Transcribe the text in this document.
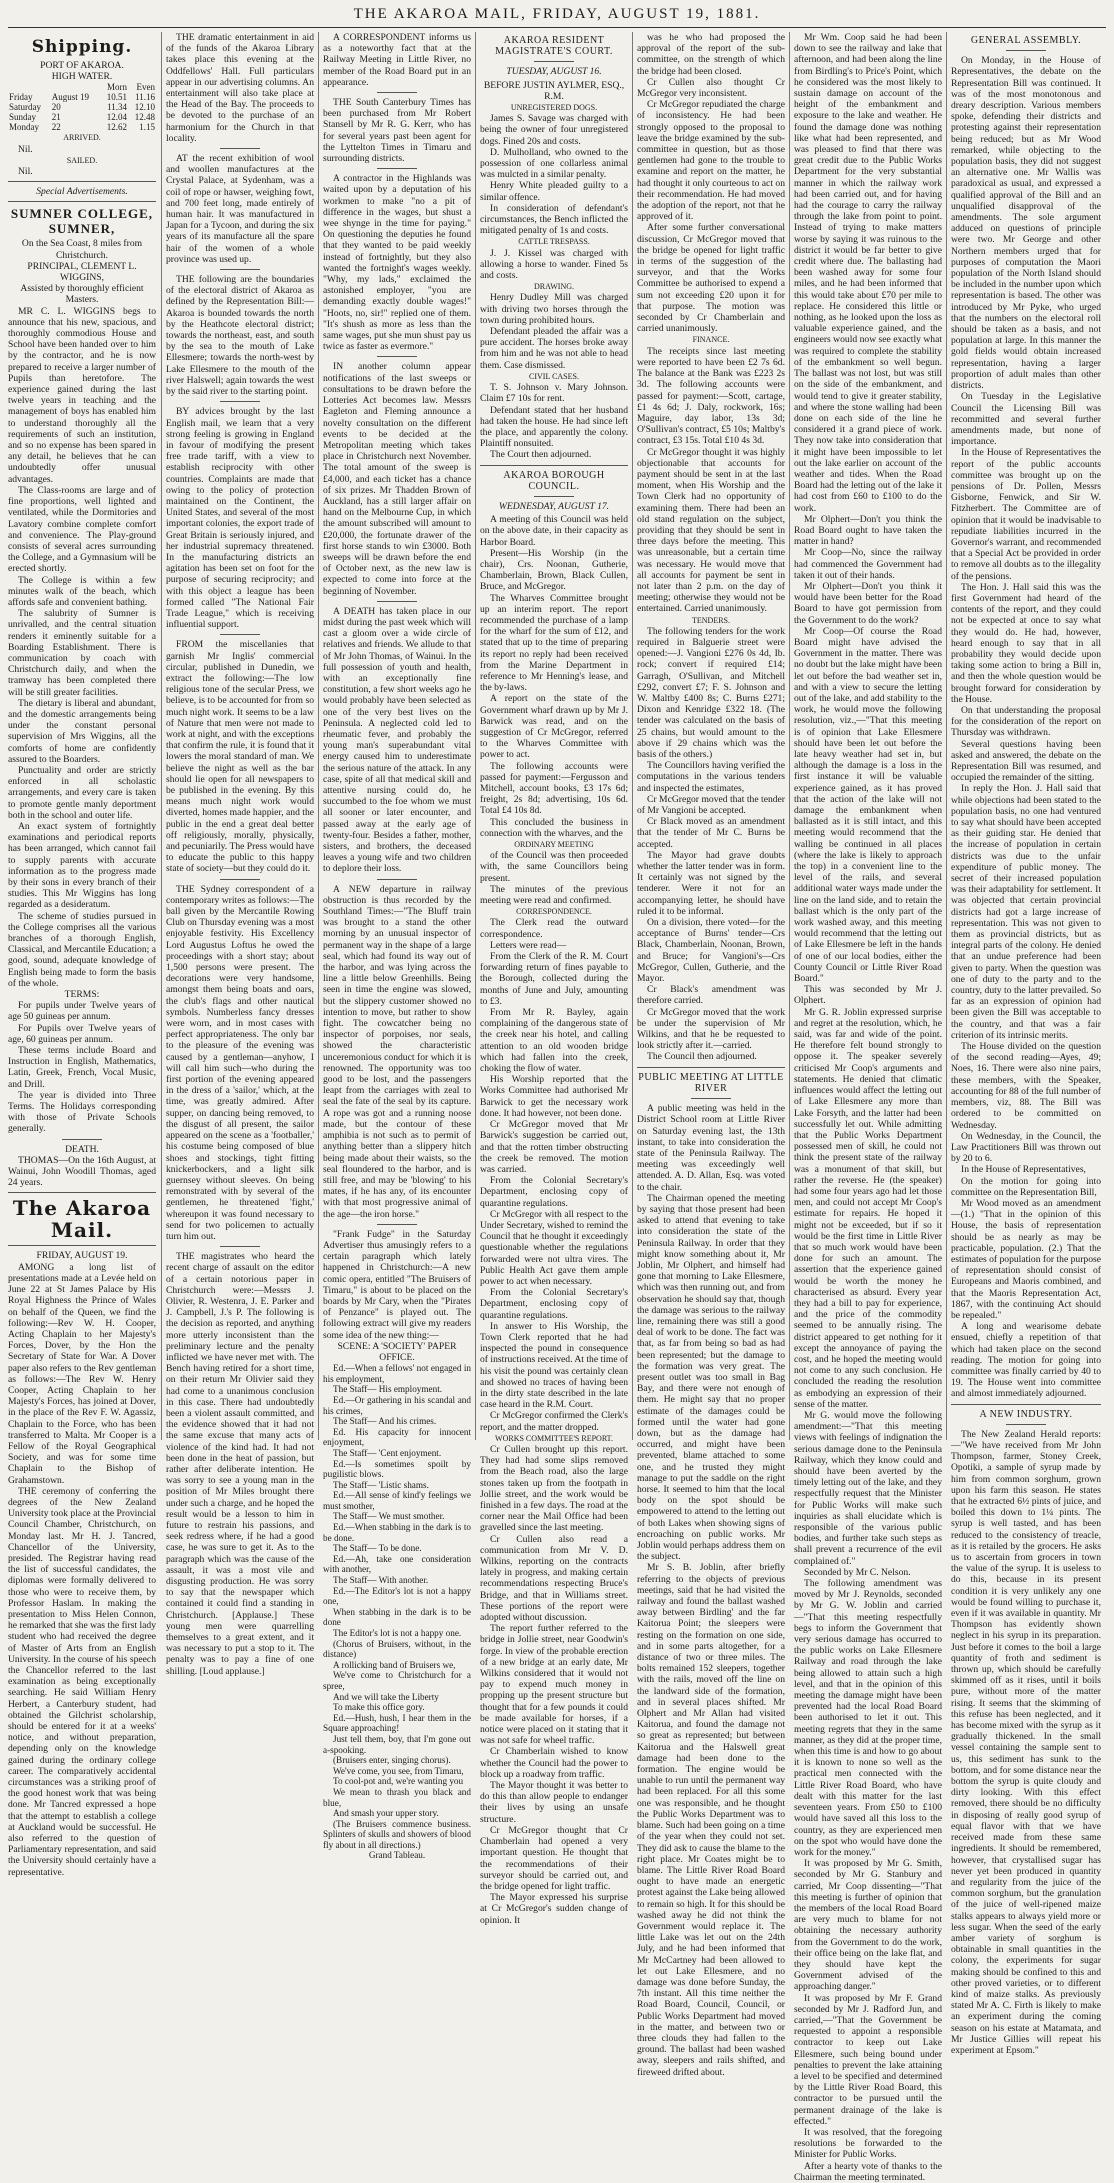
THE AKAROA MAIL, FRIDAY, AUGUST 19, 1881.
Shipping.

PORT OF AKAROA.

HIGH WATER.

		Morn	Even
Friday	August 19	10.51	11.16
Saturday	20	11.34	12.10
Sunday	21	12.04	12.48
Monday	22	12.62	1.15

ARRIVED.

Nil.

SAILED.

Nil.

Special Advertisements.

SUMNER COLLEGE, SUMNER,

On the Sea Coast, 8 miles from Christchurch.

PRINCIPAL, CLEMENT L. WIGGINS,

Assisted by thoroughly efficient Masters.

MR C. L. WIGGINS begs to announce that his new, spacious, and thoroughly commodious House and School have been handed over to him by the contractor, and he is now prepared to receive a larger number of Pupils than heretofore. The experience gained during the last twelve years in teaching and the management of boys has enabled him to understand thoroughly all the requirements of such an institution, and so no expense has been spared in any detail, he believes that he can undoubtedly offer unusual advantages.

The Class-rooms are large and of fine proportions, well lighted and ventilated, while the Dormitories and Lavatory combine complete comfort and convenience. The Play-ground consists of several acres surrounding the College, and a Gymnasium will be erected shortly.

The College is within a few minutes walk of the beach, which affords safe and convenient bathing.

The salubrity of Sumner is unrivalled, and the central situation renders it eminently suitable for a Boarding Establishment. There is communication by coach with Christchurch daily, and when the tramway has been completed there will be still greater facilities.

The dietary is liberal and abundant, and the domestic arrangements being under the constant personal supervision of Mrs Wiggins, all the comforts of home are confidently assured to the Boarders.

Punctuality and order are strictly enforced in all scholastic arrangements, and every care is taken to promote gentle manly deportment both in the school and outer life.

An exact system of fortnightly examinations and periodical reports has been arranged, which cannot fail to supply parents with accurate information as to the progress made by their sons in every branch of their studies. This Mr Wiggins has long regarded as a desideratum.

The scheme of studies pursued in the College comprises all the various branches of a thorough English, Classical, and Mercantile Education; a good, sound, adequate knowledge of English being made to form the basis of the whole.

TERMS:

For pupils under Twelve years of age 50 guineas per annum.

For Pupils over Twelve years of age, 60 guineas per annum.

These terms include Board and Instruction in English, Mathematics, Latin, Greek, French, Vocal Music, and Drill.

The year is divided into Three Terms. The Holidays corresponding with those of Private Schools generally.

DEATH.

THOMAS—On the 16th August, at Wainui, John Woodill Thomas, aged 24 years.

The Akaroa Mail.

FRIDAY, AUGUST 19.

AMONG a long list of presentations made at a Levée held on June 22 at St James Palace by His Royal Highness the Prince of Wales on behalf of the Queen, we find the following:—Rev W. H. Cooper, Acting Chaplain to her Majesty's Forces, Dover, by the Hon the Secretary of State for War. A Dover paper also refers to the Rev gentleman as follows:—The Rev W. Henry Cooper, Acting Chaplain to her Majesty's Forces, has joined at Dover, in the place of the Rev F. W. Agassiz, Chaplain to the Force, who has been transferred to Malta. Mr Cooper is a Fellow of the Royal Geographical Society, and was for some time Chaplain to the Bishop of Grahamstown.

THE ceremony of conferring the degrees of the New Zealand University took place at the Provincial Council Chamber, Christchurch, on Monday last. Mr H. J. Tancred, Chancellor of the University, presided. The Registrar having read the list of successful candidates, the diplomas were formally delivered to those who were to receive them, by Professor Haslam. In making the presentation to Miss Helen Connon, he remarked that she was the first lady student who had received the degree of Master of Arts from an English University. In the course of his speech the Chancellor referred to the last examination as being exceptionally searching. He said William Henry Herbert, a Canterbury student, had obtained the Gilchrist scholarship, should be entered for it at a weeks' notice, and without preparation, depending only on the knowledge gained during the ordinary college career. The comparatively accidental circumstances was a striking proof of the good honest work that was being done. Mr Tancred expressed a hope that the attempt to establish a college at Auckland would be successful. He also referred to the question of Parliamentary representation, and said the University should certainly have a representative.

THE dramatic entertainment in aid of the funds of the Akaroa Library takes place this evening at the Oddfellows' Hall. Full particulars appear in our advertising columns. An entertainment will also take place at the Head of the Bay. The proceeds to be devoted to the purchase of an harmonium for the Church in that locality.

AT the recent exhibition of wool and woollen manufactures at the Crystal Palace, at Sydenham, was a coil of rope or hawser, weighing fowt, and 700 feet long, made entirely of human hair. It was manufactured in Japan for a Tycoon, and during the six years of its manufacture all the spare hair of the women of a whole province was used up.

THE following are the boundaries of the electoral district of Akaroa as defined by the Representation Bill:—Akaroa is bounded towards the north by the Heathcote electoral district; towards the northeast, east, and south by the sea to the mouth of Lake Ellesmere; towards the north-west by Lake Ellesmere to the mouth of the river Halswell; again towards the west by the said river to the starting point.

BY advices brought by the last English mail, we learn that a very strong feeling is growing in England in favour of modifying the present free trade tariff, with a view to establish reciprocity with other countries. Complaints are made that owing to the policy of protection maintained on the Continent, the United States, and several of the most important colonies, the export trade of Great Britain is seriously injured, and her industrial supremacy threatened. In the manufacturing districts an agitation has been set on foot for the purpose of securing reciprocity; and with this object a league has been formed called "The National Fair Trade League," which is receiving influential support.

FROM the miscellanies that garnish Mr Inglis' commercial circular, published in Dunedin, we extract the following:—The low religious tone of the secular Press, we believe, is to be accounted for from so much night work. It seems to be a law of Nature that men were not made to work at night, and with the exceptions that confirm the rule, it is found that it lowers the moral standard of man. We believe the night as well as the bar should lie open for all newspapers to be published in the evening. By this means much night work would diverted, homes made happier, and the public in the end a great deal better off religiously, morally, physically, and pecuniarily. The Press would have to educate the public to this happy state of society—but they could do it.

THE Sydney correspondent of a contemporary writes as follows:—The ball given by the Mercantile Rowing Club on Thursday evening was a most enjoyable festivity. His Excellency Lord Augustus Loftus he owed the proceedings with a short stay; about 1,500 persons were present. The decorations were very handsome, amongst them being boats and oars, the club's flags and other nautical symbols. Numberless fancy dresses were worn, and in most cases with perfect appropriateness. The only bar to the pleasure of the evening was caused by a gentleman—anyhow, I will call him such—who during the first portion of the evening appeared in the dress of a 'sailor,' which, at the time, was greatly admired. After supper, on dancing being removed, to the disgust of all present, the sailor appeared on the scene as a 'footballer,' his costume being composed of blue shoes and stockings, tight fitting knickerbockers, and a light silk guernsey without sleeves. On being remonstrated with by several of the gentlemen, he threatened 'fight,' whereupon it was found necessary to send for two policemen to actually turn him out.

THE magistrates who heard the recent charge of assault on the editor of a certain notorious paper in Christchurch were:—Messrs J. Olivier, R. Westenra, J. E. Parker and J. Campbell, J.'s P. The following is the decision as reported, and anything more utterly inconsistent than the preliminary lecture and the penalty inflicted we have never met with. The Bench having retired for a short time, on their return Mr Olivier said they had come to a unanimous conclusion in this case. There had undoubtedly been a violent assault committed, and the evidence showed that it had not the same excuse that many acts of violence of the kind had. It had not been done in the heat of passion, but rather after deliberate intention. He was sorry to see a young man in the position of Mr Miles brought there under such a charge, and he hoped the result would be a lesson to him in future to restrain his passions, and seek redress where, if he had a good case, he was sure to get it. As to the paragraph which was the cause of the assault, it was a most vile and disgusting production. He was sorry to say that the newspaper which contained it could find a standing in Christchurch. [Applause.] These young men were quarrelling themselves to a great extent, and it was necessary to put a stop to it. The penalty was to pay a fine of one shilling. [Loud applause.]

A CORRESPONDENT informs us as a noteworthy fact that at the Railway Meeting in Little River, no member of the Road Board put in an appearance.

THE South Canterbury Times has been purchased from Mr Robert Stansell by Mr R. G. Kerr, who has for several years past been agent for the Lyttelton Times in Timaru and surrounding districts.

A contractor in the Highlands was waited upon by a deputation of his workmen to make "no a pit of difference in the wages, but shust a wee shynge in the time for paying." On questioning the deputies he found that they wanted to be paid weekly instead of fortnightly, but they also wanted the fortnight's wages weekly. "Why, my lads," exclaimed the astonished employer, "you are demanding exactly double wages!" "Hoots, no, sir!" replied one of them. "It's shush as more as less than the same wages, put she mun shust pay us twice as faster as evermore."

IN another column appear notifications of the last sweeps or consultations to be drawn before the Lotteries Act becomes law. Messrs Eagleton and Fleming announce a novelty consultation on the different events to be decided at the Metropolitan meeting which takes place in Christchurch next November. The total amount of the sweep is £4,000, and each ticket has a chance of six prizes. Mr Thadden Brown of Auckland, has a still larger affair on hand on the Melbourne Cup, in which the amount subscribed will amount to £20,000, the fortunate drawer of the first horse stands to win £3000. Both sweeps will be drawn before the end of October next, as the new law is expected to come into force at the beginning of November.

A DEATH has taken place in our midst during the past week which will cast a gloom over a wide circle of relatives and friends. We allude to that of Mr John Thomas, of Wainui. In the full possession of youth and health, with an exceptionally fine constitution, a few short weeks ago he would probably have been selected as one of the very best lives on the Peninsula. A neglected cold led to rheumatic fever, and probably the young man's superabundant vital energy caused him to underestimate the serious nature of the attack. In any case, spite of all that medical skill and attentive nursing could do, he succumbed to the foe whom we must all sooner or later encounter, and passed away at the early age of twenty-four. Besides a father, mother, sisters, and brothers, the deceased leaves a young wife and two children to deplore their loss.

A NEW departure in railway obstruction is thus recorded by the Southland Times:—"The Bluff train was brought to a stand the other morning by an unusual inspector of permanent way in the shape of a large seal, which had found its way out of the harbor, and was lying across the line a little below Greenhills. Being seen in time the engine was slowed, but the slippery customer showed no intention to move, but rather to show fight. The cowcatcher being no inspector of porpoises, nor seals, showed the characteristic unceremonious conduct for which it is renowned. The opportunity was too good to be lost, and the passengers leapt from the carriages with zeal to seal the fate of the seal by its capture. A rope was got and a running noose made, but the contour of these amphibia is not such as to permit of anything better than a slippery hitch being made about their waists, so the seal floundered to the harbor, and is still free, and may be 'blowing' to his mates, if he has any, of its encounter with that most progressive animal of the age—the iron horse."

"Frank Fudge" in the Saturday Advertiser thus amusingly refers to a certain paragraph which lately happened in Christchurch:—A new comic opera, entitled "The Bruisers of Timaru," is about to be placed on the boards by Mr Cary, when the "Pirates of Penzance" is played out. The following extract will give my readers some idea of the new thing:—

SCENE: A 'SOCIETY' PAPER OFFICE.

Ed.—When a fellows' not engaged in his employment,

The Staff— His employment.

Ed.—Or gathering in his scandal and his crimes,

The Staff— And his crimes.

Ed. His capacity for innocent enjoyment,

The Staff— 'Cent enjoyment.

Ed.—Is sometimes spoilt by pugilistic blows.

The Staff— 'Listic shams.

Ed.—All sense of kind'y feelings we must smother,

The Staff— We must smother.

Ed.—When stabbing in the dark is to be done.

The Staff— To be done.

Ed.—Ah, take one consideration with another,

The Staff— With another.

Ed.—The Editor's lot is not a happy one,

When stabbing in the dark is to be done

The Editor's lot is not a happy one.

(Chorus of Bruisers, without, in the distance)

A rollicking band of Bruisers we,

We've come to Christchurch for a spree,

And we will take the Liberty

To make this office gory.

Ed.—Hush, hush, I hear them in the Square approaching!

Just tell them, boy, that I'm gone out a-spooking.

(Bruisers enter, singing chorus).

We've come, you see, from Timaru,

To cool-pot and, we're wanting you

We mean to thrash you black and blue,

And smash your upper story.

(The Bruisers commence business. Splinters of skulls and showers of blood fly about in all directions.)

Grand Tableau.

AKAROA RESIDENT MAGISTRATE'S COURT.

TUESDAY, AUGUST 16.

BEFORE JUSTIN AYLMER, ESQ., R.M.

UNREGISTERED DOGS.

James S. Savage was charged with being the owner of four unregistered dogs. Fined 20s and costs.

D. Mulholland, who owned to the possession of one collarless animal was mulcted in a similar penalty.

Henry White pleaded guilty to a similar offence.

In consideration of defendant's circumstances, the Bench inflicted the mitigated penalty of 1s and costs.

CATTLE TRESPASS.

J. J. Kissel was charged with allowing a horse to wander. Fined 5s and costs.

DRAWING.

Henry Dudley Mill was charged with driving two horses through the town during prohibited hours.

Defendant pleaded the affair was a pure accident. The horses broke away from him and he was not able to head them. Case dismissed.

CIVIL CASES.

T. S. Johnson v. Mary Johnson. Claim £7 10s for rent.

Defendant stated that her husband had taken the house. He had since left the place, and apparently the colony. Plaintiff nonsuited.

The Court then adjourned.

AKAROA BOROUGH COUNCIL.

WEDNESDAY, AUGUST 17.

A meeting of this Council was held on the above date, in their capacity as Harbor Board.

Present—His Worship (in the chair), Crs. Noonan, Gutherie, Chamberlain, Brown, Black Cullen, Bruce, and McGregor.

The Wharves Committee brought up an interim report. The report recommended the purchase of a lamp for the wharf for the sum of £12, and stated that up to the time of preparing its report no reply had been received from the Marine Department in reference to Mr Henning's lease, and the by-laws.

A report on the state of the Government wharf drawn up by Mr J. Barwick was read, and on the suggestion of Cr McGregor, referred to the Wharves Committee with power to act.

The following accounts were passed for payment:—Fergusson and Mitchell, account books, £3 17s 6d; freight, 2s 8d; advertising, 10s 6d. Total £4 10s 8d.

This concluded the business in connection with the wharves, and the

ORDINARY MEETING

of the Council was then proceeded with, the same Councillors being present.

The minutes of the previous meeting were read and confirmed.

CORRESPONDENCE.

The Clerk read the outward correspondence.

Letters were read—

From the Clerk of the R. M. Court forwarding return of fines payable to the Borough, collected during the months of June and July, amounting to £3.

From Mr R. Bayley, again complaining of the dangerous state of the creek near his hotel, and calling attention to an old wooden bridge which had fallen into the creek, choking the flow of water.

His Worship reported that the Works Committee had authorised Mr Barwick to get the necessary work done. It had however, not been done.

Cr McGregor moved that Mr Barwick's suggestion be carried out, and that the rotten timber obstructing the creek be removed. The motion was carried.

From the Colonial Secretary's Department, enclosing copy of quarantine regulations.

Cr McGregor with all respect to the Under Secretary, wished to remind the Council that he thought it exceedingly questionable whether the regulations forwarded were not ultra vires. The Public Health Act gave them ample power to act when necessary.

From the Colonial Secretary's Department, enclosing copy of quarantine regulations.

In answer to His Worship, the Town Clerk reported that he had inspected the pound in consequence of instructions received. At the time of his visit the pound was certainly clean and showed no traces of having been in the dirty state described in the late case heard in the R.M. Court.

Cr McGregor confirmed the Clerk's report, and the matter dropped.

WORKS COMMITTEE'S REPORT.

Cr Cullen brought up this report. They had had some slips removed from the Beach road, also the large stones taken up from the footpath in Jollie street, and the work would be finished in a few days. The road at the corner near the Mail Office had been gravelled since the last meeting.

Cr Cullen also read a communication from Mr V. D. Wilkins, reporting on the contracts lately in progress, and making certain recommendations respecting Bruce's Bridge, and that in Williams street. These portions of the report were adopted without discussion.

The report further referred to the bridge in Jollie street, near Goodwin's forge. In view of the probable erection of a new bridge at an early date, Mr Wilkins considered that it would not pay to expend much money in propping up the present structure but thought that for a few pounds it could be made available for horses, if a notice were placed on it stating that it was not safe for wheel traffic.

Cr Chamberlain wished to know whether the Council had the power to block up a roadway from traffic.

The Mayor thought it was better to do this than allow people to endanger their lives by using an unsafe structure.

Cr McGregor thought that Cr Chamberlain had opened a very important question. He thought that the recommendations of their surveyor should be carried out, and the bridge opened for light traffic.

The Mayor expressed his surprise at Cr McGregor's sudden change of opinion. It

was he who had proposed the approval of the report of the sub-committee, on the strength of which the bridge had been closed.

Cr Cullen also thought Cr McGregor very inconsistent.

Cr McGregor repudiated the charge of inconsistency. He had been strongly opposed to the proposal to leave the bridge examined by the sub-committee in question, but as those gentlemen had gone to the trouble to examine and report on the matter, he had thought it only courteous to act on their recommendation. He had moved the adoption of the report, not that he approved of it.

After some further conversational discussion, Cr McGregor moved that the bridge be opened for light traffic in terms of the suggestion of the surveyor, and that the Works Committee be authorised to expend a sum not exceeding £20 upon it for that purpose. The motion was seconded by Cr Chamberlain and carried unanimously.

FINANCE.

The receipts since last meeting were reported to have been £2 7s 6d. The balance at the Bank was £223 2s 3d. The following accounts were passed for payment:—Scott, cartage, £1 4s 6d; J. Daly, rockwork, 16s; Maguire, day labor, 13s 3d; O'Sullivan's contract, £5 10s; Maltby's contract, £3 15s. Total £10 4s 3d.

Cr McGregor thought it was highly objectionable that accounts for payment should be sent in at the last moment, when His Worship and the Town Clerk had no opportunity of examining them. There had been an old stand regulation on the subject, providing that they should be sent in three days before the meeting. This was unreasonable, but a certain time was necessary. He would move that all accounts for payment be sent in not later than 2 p.m. on the day of meeting; otherwise they would not be entertained. Carried unanimously.

TENDERS.

The following tenders for the work required in Balguerie street were opened:—J. Vangioni £276 0s 4d, Ib. rock; convert if required £14; Garragh, O'Sullivan, and Mitchell £292, convert £7; F. S. Johnson and W. Maltby £400 8s; C. Burns £271; Dixon and Kenridge £322 18. (The tender was calculated on the basis of 25 chains, but would amount to the above if 29 chains which was the basis of the others.)

The Councillors having verified the computations in the various tenders and inspected the estimates,

Cr McGregor moved that the tender of Mr Vangioni be accepted.

Cr Black moved as an amendment that the tender of Mr C. Burns be accepted.

The Mayor had grave doubts whether the latter tender was in form. It certainly was not signed by the tenderer. Were it not for an accompanying letter, he should have ruled it to be informal.

On a division, there voted—for the acceptance of Burns' tender—Crs Black, Chamberlain, Noonan, Brown, and Bruce; for Vangioni's—Crs McGregor, Cullen, Gutherie, and the Mayor.

Cr Black's amendment was therefore carried.

Cr McGregor moved that the work be under the supervision of Mr Wilkins, and that he be requested to look strictly after it.—carried.

The Council then adjourned.

PUBLIC MEETING AT LITTLE RIVER

A public meeting was held in the District School room at Little River on Saturday evening last, the 13th instant, to take into consideration the state of the Peninsula Railway. The meeting was exceedingly well attended. A. D. Allan, Esq. was voted to the chair.

The Chairman opened the meeting by saying that those present had been asked to attend that evening to take into consideration the state of the Peninsula Railway. In order that they might know something about it, Mr Joblin, Mr Olphert, and himself had gone that morning to Lake Ellesmere, which was then running out, and from observation he should say that, though the damage was serious to the railway line, remaining there was still a good deal of work to be done. The fact was that, as far from being so bad as had been represented; but the damage to the formation was very great. The present outlet was too small in Bag Bay, and there were not enough of them. He might say that no proper estimate of the damages could be formed until the water had gone down, but as the damage had occurred, and might have been prevented, blame attached to some one, and he trusted they might manage to put the saddle on the right horse. It seemed to him that the local body on the spot should be empowered to attend to the letting out of both Lakes when showing signs of encroaching on public works. Mr Joblin would perhaps address them on the subject.

Mr S. B. Joblin, after briefly referring to the objects of previous meetings, said that he had visited the railway and found the ballast washed away between Birdling' and the far Kaitorua Point; the sleepers were resting on the formation on one side, and in some parts altogether, for a distance of two or three miles. The bolts remained 152 sleepers, together with the rails, moved off the line on the landward side of the formation, and in several places shifted. Mr Olphert and Mr Allan had visited Kaitorua, and found the damage not so great as represented; but between Kaitorua and the Halswell great damage had been done to the formation. The engine would be unable to run until the permanent way had been replaced. For all this some one was responsible, and he thought the Public Works Department was to blame. Such had been going on a time of the year when they could not set. They did ask to cause the blame to the right place. Mr Coates might be to blame. The Little River Road Board ought to have made an energetic protest against the Lake being allowed to remain so high. It for this should be washed away he did not think the Government would replace it. The little Lake was let out on the 24th July, and he had been informed that Mr McCartney had been allowed to let out Lake Ellesmere, and no damage was done before Sunday, the 7th instant. All this time neither the Road Board, Council, Council, or Public Works Department had moved in the matter, and between two or three clouds they had fallen to the ground. The ballast had been washed away, sleepers and rails shifted, and fireweed drifted about.

Mr Wm. Coop said he had been down to see the railway and lake that afternoon, and had been along the line from Birdling's to Price's Point, which he considered was the most likely to sustain damage on account of the height of the embankment and exposure to the lake and weather. He found the damage done was nothing like what had been represented, and was pleased to find that there was great credit due to the Public Works Department for the very substantial manner in which the railway work had been carried out, and for having had the courage to carry the railway through the lake from point to point. Instead of trying to make matters worse by saying it was ruinous to the district it would be far better to give credit where due. The ballasting had been washed away for some four miles, and he had been informed that this would take about £70 per mile to replace. He considered this little or nothing, as he looked upon the loss as valuable experience gained, and the engineers would now see exactly what was required to complete the stability of the embankment so well begun. The ballast was not lost, but was still on the side of the embankment, and would tend to give it greater stability, and where the stone walling had been done on each side of the line he considered it a grand piece of work. They now take into consideration that it might have been impossible to let out the lake earlier on account of the weather and tides. When the Road Board had the letting out of the lake it had cost from £60 to £100 to do the work.

Mr Olphert—Don't you think the Road Board ought to have taken the matter in hand?

Mr Coop—No, since the railway had commenced the Government had taken it out of their hands.

Mr Olphert—Don't you think it would have been better for the Road Board to have got permission from the Government to do the work?

Mr Coop—Of course the Road Board might have advised the Government in the matter. There was no doubt but the lake might have been let out before the bad weather set in, and with a view to secure the letting out of the lake, and add stability to the work, he would move the following resolution, viz.,—"That this meeting is of opinion that Lake Ellesmere should have been let out before the late heavy weather had set in, but although the damage is a loss in the first instance it will be valuable experience gained, as it has proved that the action of the lake will not damage the embankment when ballasted as it is still intact, and this meeting would recommend that the walling be continued in all places (where the lake is likely to approach the top) in a convenient line to the level of the rails, and several additional water ways made under the line on the land side, and to retain the ballast which is the only part of the work washed away, and this meeting would recommend that the letting out of Lake Ellesmere be left in the hands of one of our local bodies, either the County Council or Little River Road Board."

This was seconded by Mr J. Olphert.

Mr G. R. Joblin expressed surprise and regret at the resolution, which, he said, was far and wide of the point. He therefore felt bound strongly to oppose it. The speaker severely criticised Mr Coop's arguments and statements. He denied that climatic influences would affect the letting out of Lake Ellesmere any more than Lake Forsyth, and the latter had been successfully let out. While admitting that the Public Works Department possessed men of skill, he could not think the present state of the railway was a monument of that skill, but rather the reverse. He (the speaker) had some four years ago had let those men, and could not accept Mr Coop's estimate for repairs. He hoped it might not be exceeded, but if so it would be the first time in Little River that so much work would have been done for such an amount. The assertion that the experience gained would be worth the money he characterised as absurd. Every year they had a bill to pay for experience, and the price of the commodity seemed to be annually rising. The district appeared to get nothing for it except the annoyance of paying the cost, and he hoped the meeting would not come to any such conclusion. He concluded the reading the resolution as embodying an expression of their sense of the matter.

Mr G. would move the following amendment:—"That this meeting views with feelings of indignation the serious damage done to the Peninsula Railway, which they know could and should have been averted by the timely letting out of the lake, and they respectfully request that the Minister for Public Works will make such inquiries as shall elucidate which is responsible of the various public bodies, and further take such steps as shall prevent a recurrence of the evil complained of."

Seconded by Mr C. Nelson.

The following amendment was moved by Mr J. Reynolds, seconded by Mr G. W. Joblin and carried—"That this meeting respectfully begs to inform the Government that very serious damage has occurred to the public works on Lake Ellesmere Railway and road through the lake being allowed to attain such a high level, and that in the opinion of this meeting the damage might have been prevented had the local Road Board been authorised to let it out. This meeting regrets that they in the same manner, as they did at the proper time, when this time is and how to go about it is known to none so well as the practical men connected with the Little River Road Board, who have dealt with this matter for the last seventeen years. From £50 to £100 would have saved all this loss to the country, as they are experienced men on the spot who would have done the work for the money."

It was proposed by Mr G. Smith, seconded by Mr G. Stanbury and carried, Mr Coop dissenting—"That this meeting is further of opinion that the members of the local Road Board are very much to blame for not obtaining the necessary authority from the Government to do the work, their office being on the lake flat, and they should have kept the Government advised of the approaching danger."

It was proposed by Mr F. Grand seconded by Mr J. Radford Jun, and carried,—"That the Government be requested to appoint a responsible contractor to keep out Lake Ellesmere, such being bound under penalties to prevent the lake attaining a level to be specified and determined by the Little River Road Board, this contractor to be pursued until the permanent drainage of the lake is effected."

It was resolved, that the foregoing resolutions be forwarded to the Minister for Public Works.

After a hearty vote of thanks to the Chairman the meeting terminated.

GENERAL ASSEMBLY.

On Monday, in the House of Representatives, the debate on the Representation Bill was continued. It was of the most monotonous and dreary description. Various members spoke, defending their districts and protesting against their representation being reduced; but as Mr Wood remarked, while objecting to the population basis, they did not suggest an alternative one. Mr Wallis was paradoxical as usual, and expressed a qualified approval of the Bill and an unqualified disapproval of the amendments. The sole argument adduced on questions of principle were two. Mr George and other Northern members urged that for purposes of computation the Maori population of the North Island should be included in the number upon which representation is based. The other was introduced by Mr Pyke, who urged that the numbers on the electoral roll should be taken as a basis, and not population at large. In this manner the gold fields would obtain increased representation, having a larger proportion of adult males than other districts.

On Tuesday in the Legislative Council the Licensing Bill was recommitted and several further amendments made, but none of importance.

In the House of Representatives the report of the public accounts committee was brought up on the pensions of Dr. Pollen, Messrs Gisborne, Fenwick, and Sir W. Fitzherbert. The Committee are of opinion that it would be inadvisable to repudiate liabilities incurred in the Governor's warrant, and recommended that a Special Act be provided in order to remove all doubts as to the illegality of the pensions.

The Hon. J. Hall said this was the first Government had heard of the contents of the report, and they could not be expected at once to say what they would do. He had, however, heard enough to say that in all probability they would decide upon taking some action to bring a Bill in, and then the whole question would be brought forward for consideration by the House.

On that understanding the proposal for the consideration of the report on Thursday was withdrawn.

Several questions having been asked and answered, the debate on the Representation Bill was resumed, and occupied the remainder of the sitting.

In reply the Hon. J. Hall said that while objections had been stated to the population basis, no one had ventured to say what should have been accepted as their guiding star. He denied that the increase of population in certain districts was due to the unfair expenditure of public money. The secret of their increased population was their adaptability for settlement. It was objected that certain provincial districts had got a large increase of representation. This was not given to them as provincial districts, but as integral parts of the colony. He denied that an undue preference had been given to party. When the question was one of duty to the party and to the country, duty to the latter prevailed. So far as an expression of opinion had been given the Bill was acceptable to the country, and that was a fair criterion of its intrinsic merits.

The House divided on the question of the second reading—Ayes, 49; Noes, 16. There were also nine pairs, these members, with the Speaker, accounting for 88 of the full number of members, viz, 88. The Bill was ordered to be committed on Wednesday.

On Wednesday, in the Council, the Law Practitioners Bill was thrown out by 20 to 6.

In the House of Representatives,

On the motion for going into committee on the Representation Bill,

Mr Wood moved as an amendment—(1.) "That in the opinion of this House, the basis of representation should be as nearly as may be practicable, population. (2.) That the estimates of population for the purpose of representation should consist of Europeans and Maoris combined, and that the Maoris Representation Act, 1867, with the continuing Act should be repealed."

A long and wearisome debate ensued, chiefly a repetition of that which had taken place on the second reading. The motion for going into committee was finally carried by 40 to 19. The House went into committee and almost immediately adjourned.

A NEW INDUSTRY.

The New Zealand Herald reports:—"We have received from Mr John Thompson, farmer, Stoney Creek, Opotiki, a sample of syrup made by him from common sorghum, grown upon his farm this season. He states that he extracted 6½ pints of juice, and boiled this down to 1¼ pints. The syrup is well tasted, and has been reduced to the consistency of treacle, as it is retailed by the grocers. He asks us to ascertain from grocers in town the value of the syrup. It is useless to do this, because in its present condition it is very unlikely any one would be found willing to purchase it, even if it was available in quantity. Mr Thompson has evidently shown neglect in his syrup in its preparation. Just before it comes to the boil a large quantity of froth and sediment is thrown up, which should be carefully skimmed off as it rises, until it boils pure, without more of the matter rising. It seems that the skimming of this refuse has been neglected, and it has become mixed with the syrup as it gradually thickened. In the small vessel containing the sample sent to us, this sediment has sunk to the bottom, and for some distance near the bottom the syrup is quite cloudy and dirty looking. With this effect removed, there should be no difficulty in disposing of really good syrup of equal flavor with that we have received made from these same ingredients. It should be remembered, however, that crystallised sugar has never yet been produced in quantity and regularity from the juice of the common sorghum, but the granulation of the juice of well-ripened maize stalks appears to always yield more or less sugar. When the seed of the early amber variety of sorghum is obtainable in small quantities in the colony, the experiments for sugar making should be confined to this and other proved varieties, or to different kind of maize stalks. As previously stated Mr A. C. Firth is likely to make an experiment during the coming season on his estate at Matamata, and Mr Justice Gillies will repeat his experiment at Epsom."
